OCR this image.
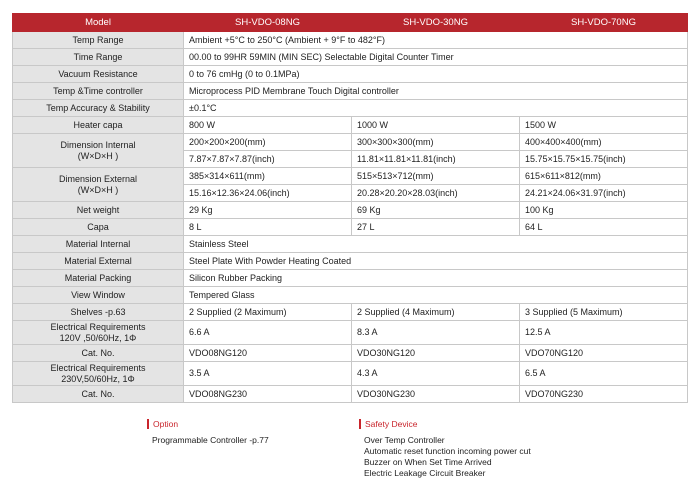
Model	SH-VDO-08NG	SH-VDO-30NG	SH-VDO-70NG
Temp Range	Ambient +5°C to 250°C (Ambient + 9°F to 482°F)		
Time Range	00.00 to 99HR 59MIN (MIN SEC) Selectable Digital Counter Timer		
Vacuum Resistance	0 to 76 cmHg (0 to 0.1MPa)		
Temp &Time controller	Microprocess PID Membrane Touch Digital controller		
Temp Accuracy & Stability	±0.1°C		
Heater capa	800 W	1000 W	1500 W
Dimension Internal
(W×D×H )	200×200×200(mm)	300×300×300(mm)	400×400×400(mm)
	7.87×7.87×7.87(inch)	11.81×11.81×11.81(inch)	15.75×15.75×15.75(inch)
Dimension External
(W×D×H )	385×314×611(mm)	515×513×712(mm)	615×611×812(mm)
	15.16×12.36×24.06(inch)	20.28×20.20×28.03(inch)	24.21×24.06×31.97(inch)
Net weight	29 Kg	69 Kg	100 Kg
Capa	8 L	27 L	64 L
Material Internal	Stainless Steel		
Material External	Steel Plate With Powder Heating Coated		
Material Packing	Silicon Rubber Packing		
View Window	Tempered Glass		
Shelves -p.63	2 Supplied (2 Maximum)	2 Supplied (4 Maximum)	3 Supplied (5 Maximum)
Electrical Requirements
120V ,50/60Hz, 1Φ	6.6 A	8.3 A	12.5 A
Cat. No.	VDO08NG120	VDO30NG120	VDO70NG120
Electrical Requirements
230V,50/60Hz, 1Φ	3.5 A	4.3 A	6.5 A
Cat. No.	VDO08NG230	VDO30NG230	VDO70NG230
Option
Programmable Controller -p.77
Safety Device
Over Temp Controller
Automatic reset function incoming power cut
Buzzer on When Set Time Arrived
Electric Leakage Circuit Breaker
